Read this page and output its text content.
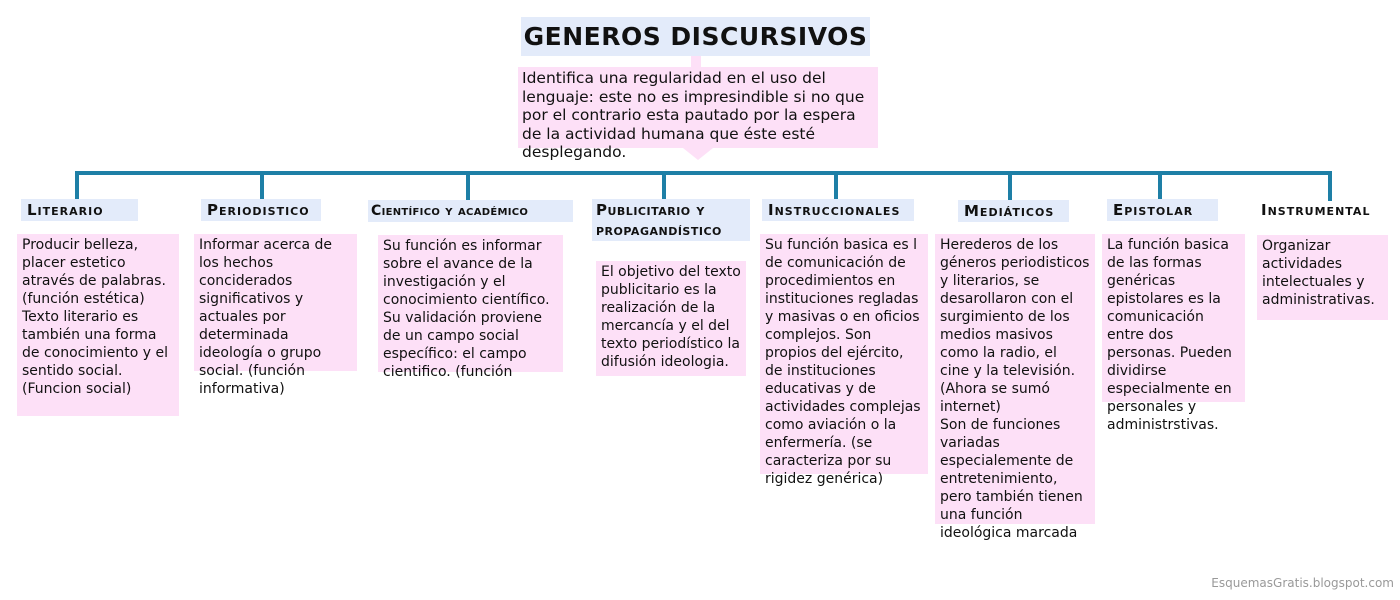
GENEROS DISCURSIVOS
Identifica una regularidad en el uso del lenguaje: este no es impresindible si no que por el contrario esta pautado por la espera de la actividad humana que éste esté desplegando.
Literario	Periodistico	Científico y académico	Publicitario y propagandístico
Instruccionales	Mediáticos	Epistolar	Instrumental
Producir belleza, placer estetico através de palabras. (función estética)
Texto literario es también una forma de conocimiento y el sentido social. (Funcion social)
Informar acerca de los hechos conciderados significativos y actuales por determinada ideología o grupo social. (función informativa)
Su función es informar sobre el avance de la investigación y el conocimiento científico. Su validación proviene de un campo social específico: el campo cientifico. (función
El objetivo del texto publicitario es la realización de la mercancía y el del texto periodístico la difusión ideologia.
Su función basica es l de comunicación de procedimientos en instituciones regladas y masivas o en oficios complejos. Son propios del ejército, de instituciones educativas y de actividades complejas como aviación o la enfermería. (se caracteriza por su rigidez genérica)
Herederos de los géneros periodisticos y literarios, se desarollaron con el surgimiento de los medios masivos como la radio, el cine y la televisión. (Ahora se sumó internet)
Son de funciones variadas especialemente de entretenimiento, pero también tienen una función ideológica marcada
La función basica de las formas genéricas epistolares es la comunicación entre dos personas. Pueden dividirse especialmente en personales y administrstivas.
Organizar actividades intelectuales y administrativas.
EsquemasGratis.blogspot.com
